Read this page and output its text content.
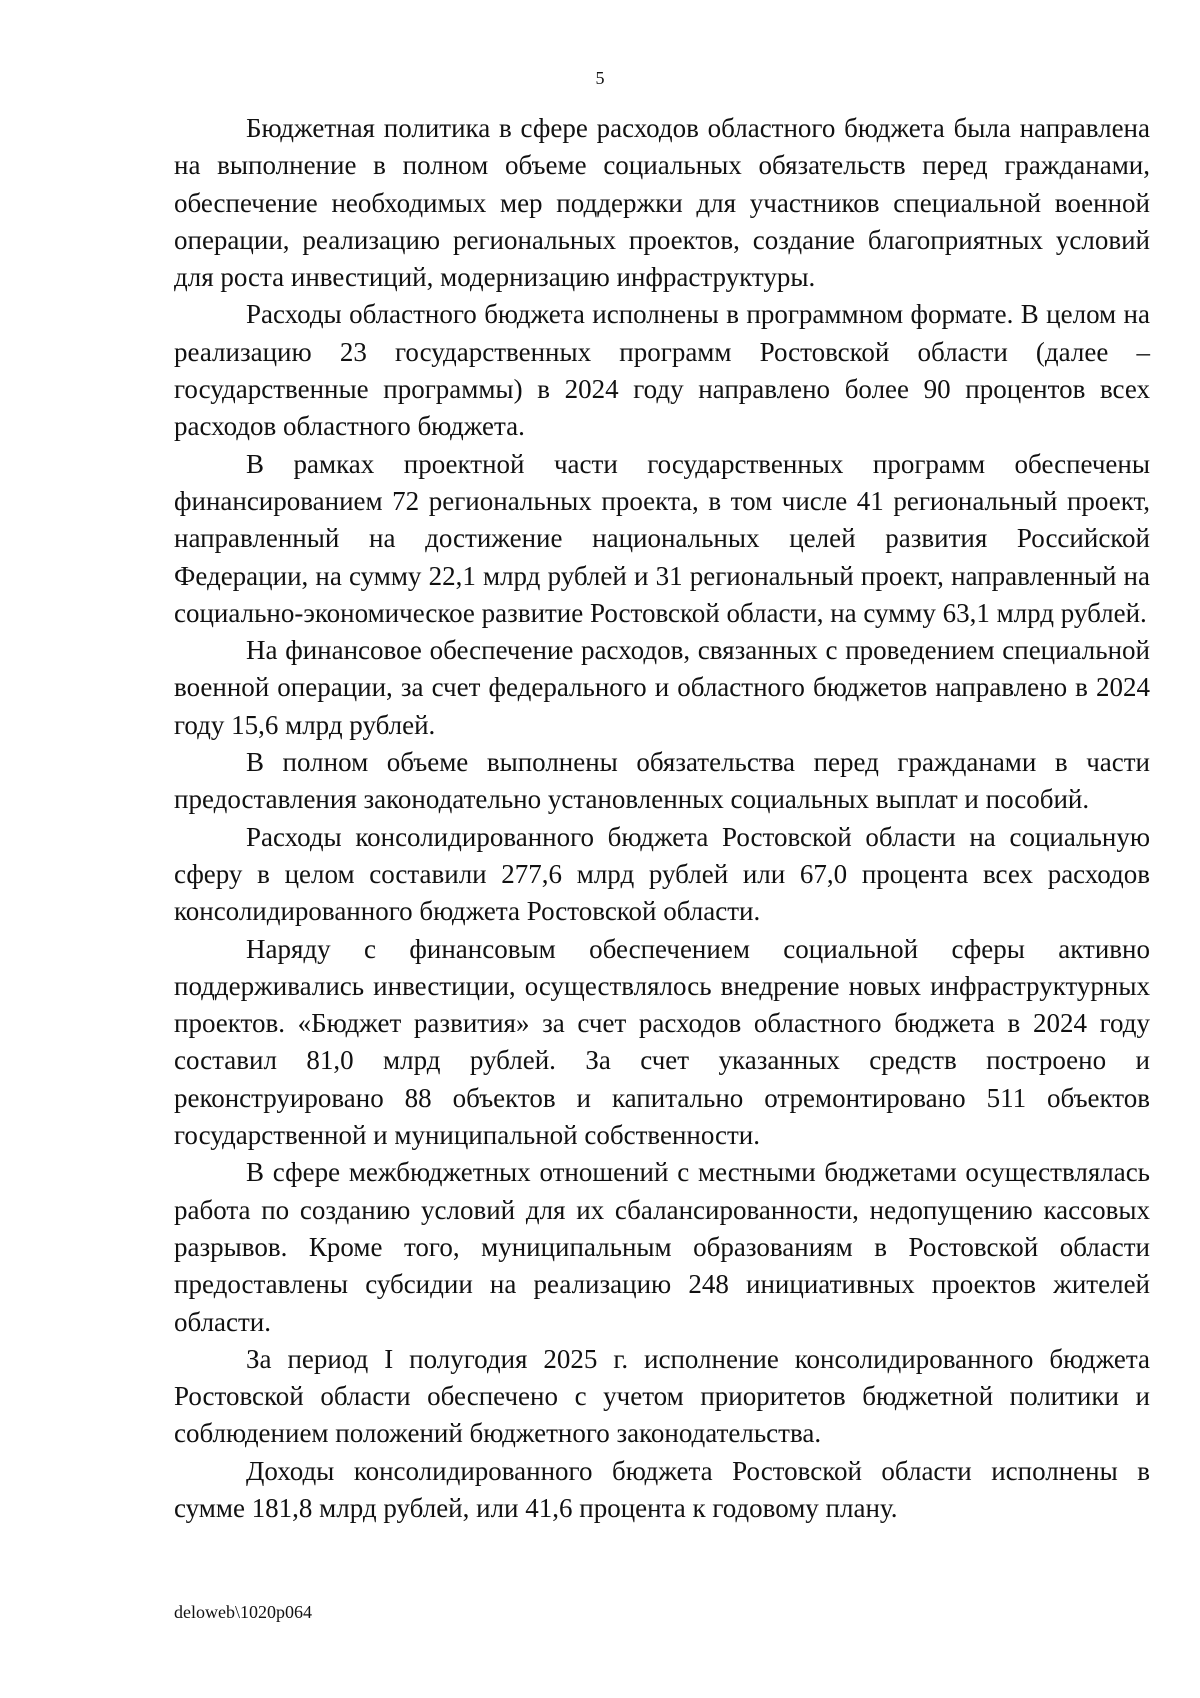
5

Бюджетная политика в сфере расходов областного бюджета была направлена на выполнение в полном объеме социальных обязательств перед гражданами, обеспечение необходимых мер поддержки для участников специальной военной операции, реализацию региональных проектов, создание благоприятных условий для роста инвестиций, модернизацию инфраструктуры.

Расходы областного бюджета исполнены в программном формате. В целом на реализацию 23 государственных программ Ростовской области (далее – государственные программы) в 2024 году направлено более 90 процентов всех расходов областного бюджета.

В рамках проектной части государственных программ обеспечены финансированием 72 региональных проекта, в том числе 41 региональный проект, направленный на достижение национальных целей развития Российской Федерации, на сумму 22,1 млрд рублей и 31 региональный проект, направленный на социально-экономическое развитие Ростовской области, на сумму 63,1 млрд рублей.

На финансовое обеспечение расходов, связанных с проведением специальной военной операции, за счет федерального и областного бюджетов направлено в 2024 году 15,6 млрд рублей.

В полном объеме выполнены обязательства перед гражданами в части предоставления законодательно установленных социальных выплат и пособий.

Расходы консолидированного бюджета Ростовской области на социальную сферу в целом составили 277,6 млрд рублей или 67,0 процента всех расходов консолидированного бюджета Ростовской области.

Наряду с финансовым обеспечением социальной сферы активно поддерживались инвестиции, осуществлялось внедрение новых инфраструктурных проектов. «Бюджет развития» за счет расходов областного бюджета в 2024 году составил 81,0 млрд рублей. За счет указанных средств построено и реконструировано 88 объектов и капитально отремонтировано 511 объектов государственной и муниципальной собственности.

В сфере межбюджетных отношений с местными бюджетами осуществлялась работа по созданию условий для их сбалансированности, недопущению кассовых разрывов. Кроме того, муниципальным образованиям в Ростовской области предоставлены субсидии на реализацию 248 инициативных проектов жителей области.

За период I полугодия 2025 г. исполнение консолидированного бюджета Ростовской области обеспечено с учетом приоритетов бюджетной политики и соблюдением положений бюджетного законодательства.

Доходы консолидированного бюджета Ростовской области исполнены в сумме 181,8 млрд рублей, или 41,6 процента к годовому плану.

deloweb\1020p064
